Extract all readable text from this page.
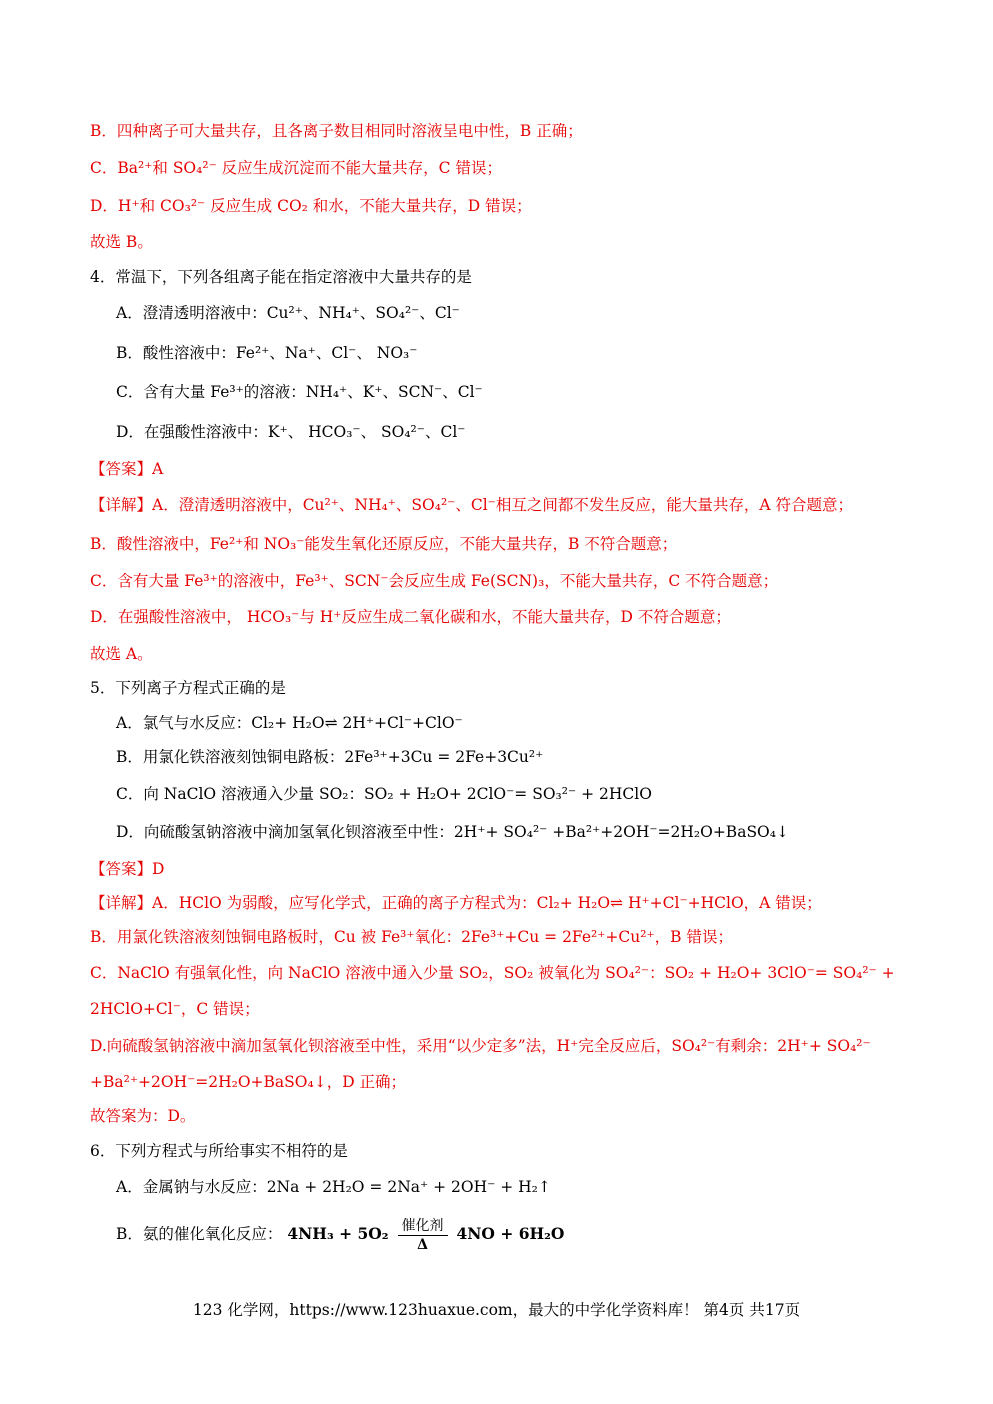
B．四种离子可大量共存，且各离子数目相同时溶液呈电中性，B 正确；
C．Ba²⁺和 SO₄²⁻ 反应生成沉淀而不能大量共存，C 错误；
D．H⁺和 CO₃²⁻ 反应生成 CO₂ 和水，不能大量共存，D 错误；
故选 B。
4．常温下，下列各组离子能在指定溶液中大量共存的是
A．澄清透明溶液中：Cu²⁺、NH₄⁺、SO₄²⁻、Cl⁻
B．酸性溶液中：Fe²⁺、Na⁺、Cl⁻、 NO₃⁻
C．含有大量 Fe³⁺的溶液：NH₄⁺、K⁺、SCN⁻、Cl⁻
D．在强酸性溶液中：K⁺、 HCO₃⁻、 SO₄²⁻、Cl⁻
【答案】A
【详解】A．澄清透明溶液中，Cu²⁺、NH₄⁺、SO₄²⁻、Cl⁻相互之间都不发生反应，能大量共存，A 符合题意；
B．酸性溶液中，Fe²⁺和 NO₃⁻能发生氧化还原反应，不能大量共存，B 不符合题意；
C．含有大量 Fe³⁺的溶液中，Fe³⁺、SCN⁻会反应生成 Fe(SCN)₃，不能大量共存，C 不符合题意；
D．在强酸性溶液中， HCO₃⁻与 H⁺反应生成二氧化碳和水，不能大量共存，D 不符合题意；
故选 A。
5．下列离子方程式正确的是
A．氯气与水反应：Cl₂+ H₂O⇌ 2H⁺+Cl⁻+ClO⁻
B．用氯化铁溶液刻蚀铜电路板：2Fe³⁺+3Cu = 2Fe+3Cu²⁺
C．向 NaClO 溶液通入少量 SO₂：SO₂ + H₂O+ 2ClO⁻= SO₃²⁻ + 2HClO
D．向硫酸氢钠溶液中滴加氢氧化钡溶液至中性：2H⁺+ SO₄²⁻ +Ba²⁺+2OH⁻=2H₂O+BaSO₄↓
【答案】D
【详解】A．HClO 为弱酸，应写化学式，正确的离子方程式为：Cl₂+ H₂O⇌ H⁺+Cl⁻+HClO，A 错误；
B．用氯化铁溶液刻蚀铜电路板时，Cu 被 Fe³⁺氧化：2Fe³⁺+Cu = 2Fe²⁺+Cu²⁺，B 错误；
C．NaClO 有强氧化性，向 NaClO 溶液中通入少量 SO₂，SO₂ 被氧化为 SO₄²⁻：SO₂ + H₂O+ 3ClO⁻= SO₄²⁻ +
2HClO+Cl⁻，C 错误；
D.向硫酸氢钠溶液中滴加氢氧化钡溶液至中性，采用“以少定多”法，H⁺完全反应后，SO₄²⁻有剩余：2H⁺+ SO₄²⁻
+Ba²⁺+2OH⁻=2H₂O+BaSO₄↓，D 正确；
故答案为：D。
6．下列方程式与所给事实不相符的是
A．金属钠与水反应：2Na + 2H₂O = 2Na⁺ + 2OH⁻ + H₂↑
B．氨的催化氧化反应： $4NH_3 + 5O_2 \frac{\text{催化剂}}{\Delta} 4NO + 6H_2O$
123 化学网，https://www.123huaxue.com，最大的中学化学资料库！ 第4页 共17页
